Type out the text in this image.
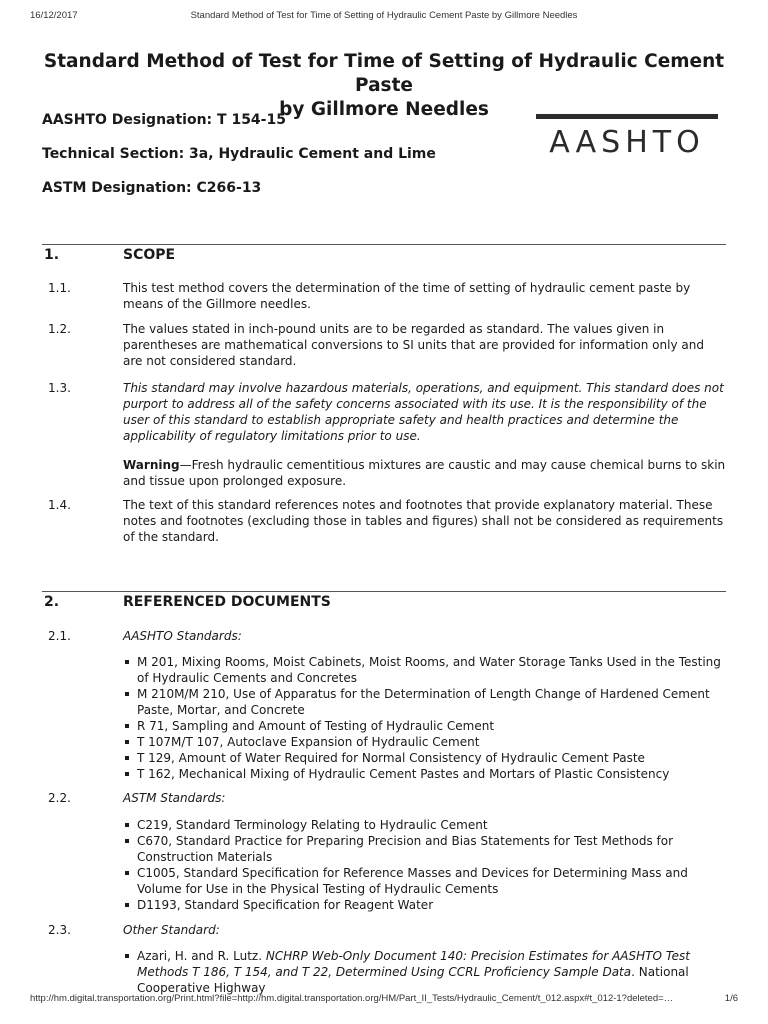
16/12/2017	Standard Method of Test for Time of Setting of Hydraulic Cement Paste by Gillmore Needles
Standard Method of Test for Time of Setting of Hydraulic Cement Paste
by Gillmore Needles

AASHTO Designation: T 154-15

Technical Section: 3a, Hydraulic Cement and Lime

ASTM Designation: C266-13

AASHTO
1.	SCOPE
1.1.	This test method covers the determination of the time of setting of hydraulic cement paste by means of the Gillmore needles.
1.2.	The values stated in inch-pound units are to be regarded as standard. The values given in parentheses are mathematical conversions to SI units that are provided for information only and are not considered standard.
1.3.	This standard may involve hazardous materials, operations, and equipment. This standard does not purport to address all of the safety concerns associated with its use. It is the responsibility of the user of this standard to establish appropriate safety and health practices and determine the applicability of regulatory limitations prior to use.
Warning—Fresh hydraulic cementitious mixtures are caustic and may cause chemical burns to skin and tissue upon prolonged exposure.
1.4.	The text of this standard references notes and footnotes that provide explanatory material. These notes and footnotes (excluding those in tables and figures) shall not be considered as requirements of the standard.
2.	REFERENCED DOCUMENTS
2.1.	AASHTO Standards:
M 201, Mixing Rooms, Moist Cabinets, Moist Rooms, and Water Storage Tanks Used in the Testing of Hydraulic Cements and Concretes
M 210M/M 210, Use of Apparatus for the Determination of Length Change of Hardened Cement Paste, Mortar, and Concrete
R 71, Sampling and Amount of Testing of Hydraulic Cement
T 107M/T 107, Autoclave Expansion of Hydraulic Cement
T 129, Amount of Water Required for Normal Consistency of Hydraulic Cement Paste
T 162, Mechanical Mixing of Hydraulic Cement Pastes and Mortars of Plastic Consistency
2.2.	ASTM Standards:
C219, Standard Terminology Relating to Hydraulic Cement
C670, Standard Practice for Preparing Precision and Bias Statements for Test Methods for Construction Materials
C1005, Standard Specification for Reference Masses and Devices for Determining Mass and Volume for Use in the Physical Testing of Hydraulic Cements
D1193, Standard Specification for Reagent Water
2.3.	Other Standard:
Azari, H. and R. Lutz. NCHRP Web-Only Document 140: Precision Estimates for AASHTO Test Methods T 186, T 154, and T 22, Determined Using CCRL Proficiency Sample Data. National Cooperative Highway
http://hm.digital.transportation.org/Print.html?file=http://hm.digital.transportation.org/HM/Part_II_Tests/Hydraulic_Cement/t_012.aspx#t_012-1?deleted=…	1/6
